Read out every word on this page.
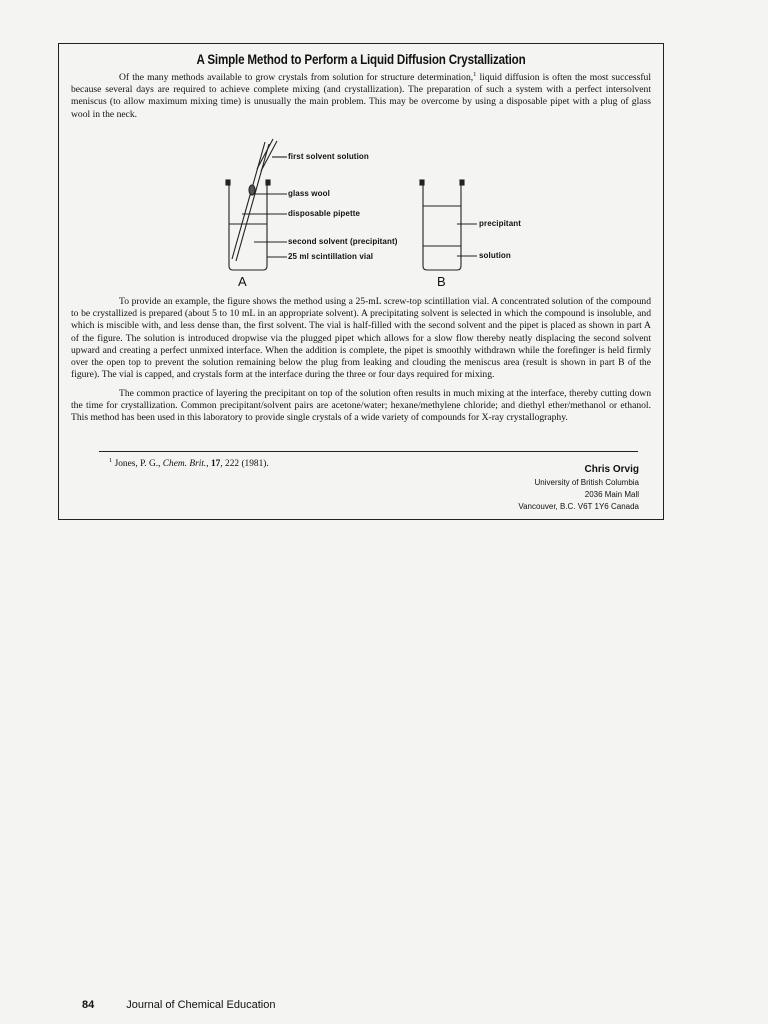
A Simple Method to Perform a Liquid Diffusion Crystallization

Of the many methods available to grow crystals from solution for structure determination,$^1$ liquid diffusion is often the most successful because several days are required to achieve complete mixing (and crystallization). The preparation of such a system with a perfect intersolvent meniscus (to allow maximum mixing time) is unusually the main problem. This may be overcome by using a disposable pipet with a plug of glass wool in the neck.

first solvent solution
glass wool
disposable pipette
second solvent (precipitant)
25 ml scintillation vial
precipitant
solution
A	B

To provide an example, the figure shows the method using a 25-mL screw-top scintillation vial. A concentrated solution of the compound to be crystallized is prepared (about 5 to 10 mL in an appropriate solvent). A precipitating solvent is selected in which the compound is insoluble, and which is miscible with, and less dense than, the first solvent. The vial is half-filled with the second solvent and the pipet is placed as shown in part A of the figure. The solution is introduced dropwise via the plugged pipet which allows for a slow flow thereby neatly displacing the second solvent upward and creating a perfect unmixed interface. When the addition is complete, the pipet is smoothly withdrawn while the forefinger is held firmly over the open top to prevent the solution remaining below the plug from leaking and clouding the meniscus area (result is shown in part B of the figure). The vial is capped, and crystals form at the interface during the three or four days required for mixing.

The common practice of layering the precipitant on top of the solution often results in much mixing at the interface, thereby cutting down the time for crystallization. Common precipitant/solvent pairs are acetone/water; hexane/methylene chloride; and diethyl ether/methanol or ethanol. This method has been used in this laboratory to provide single crystals of a wide variety of compounds for X-ray crystallography.

$^1$ Jones, P. G., Chem. Brit., 17, 222 (1981).	Chris Orvig
University of British Columbia
2036 Main Mall
Vancouver, B.C. V6T 1Y6 Canada
84	Journal of Chemical Education
